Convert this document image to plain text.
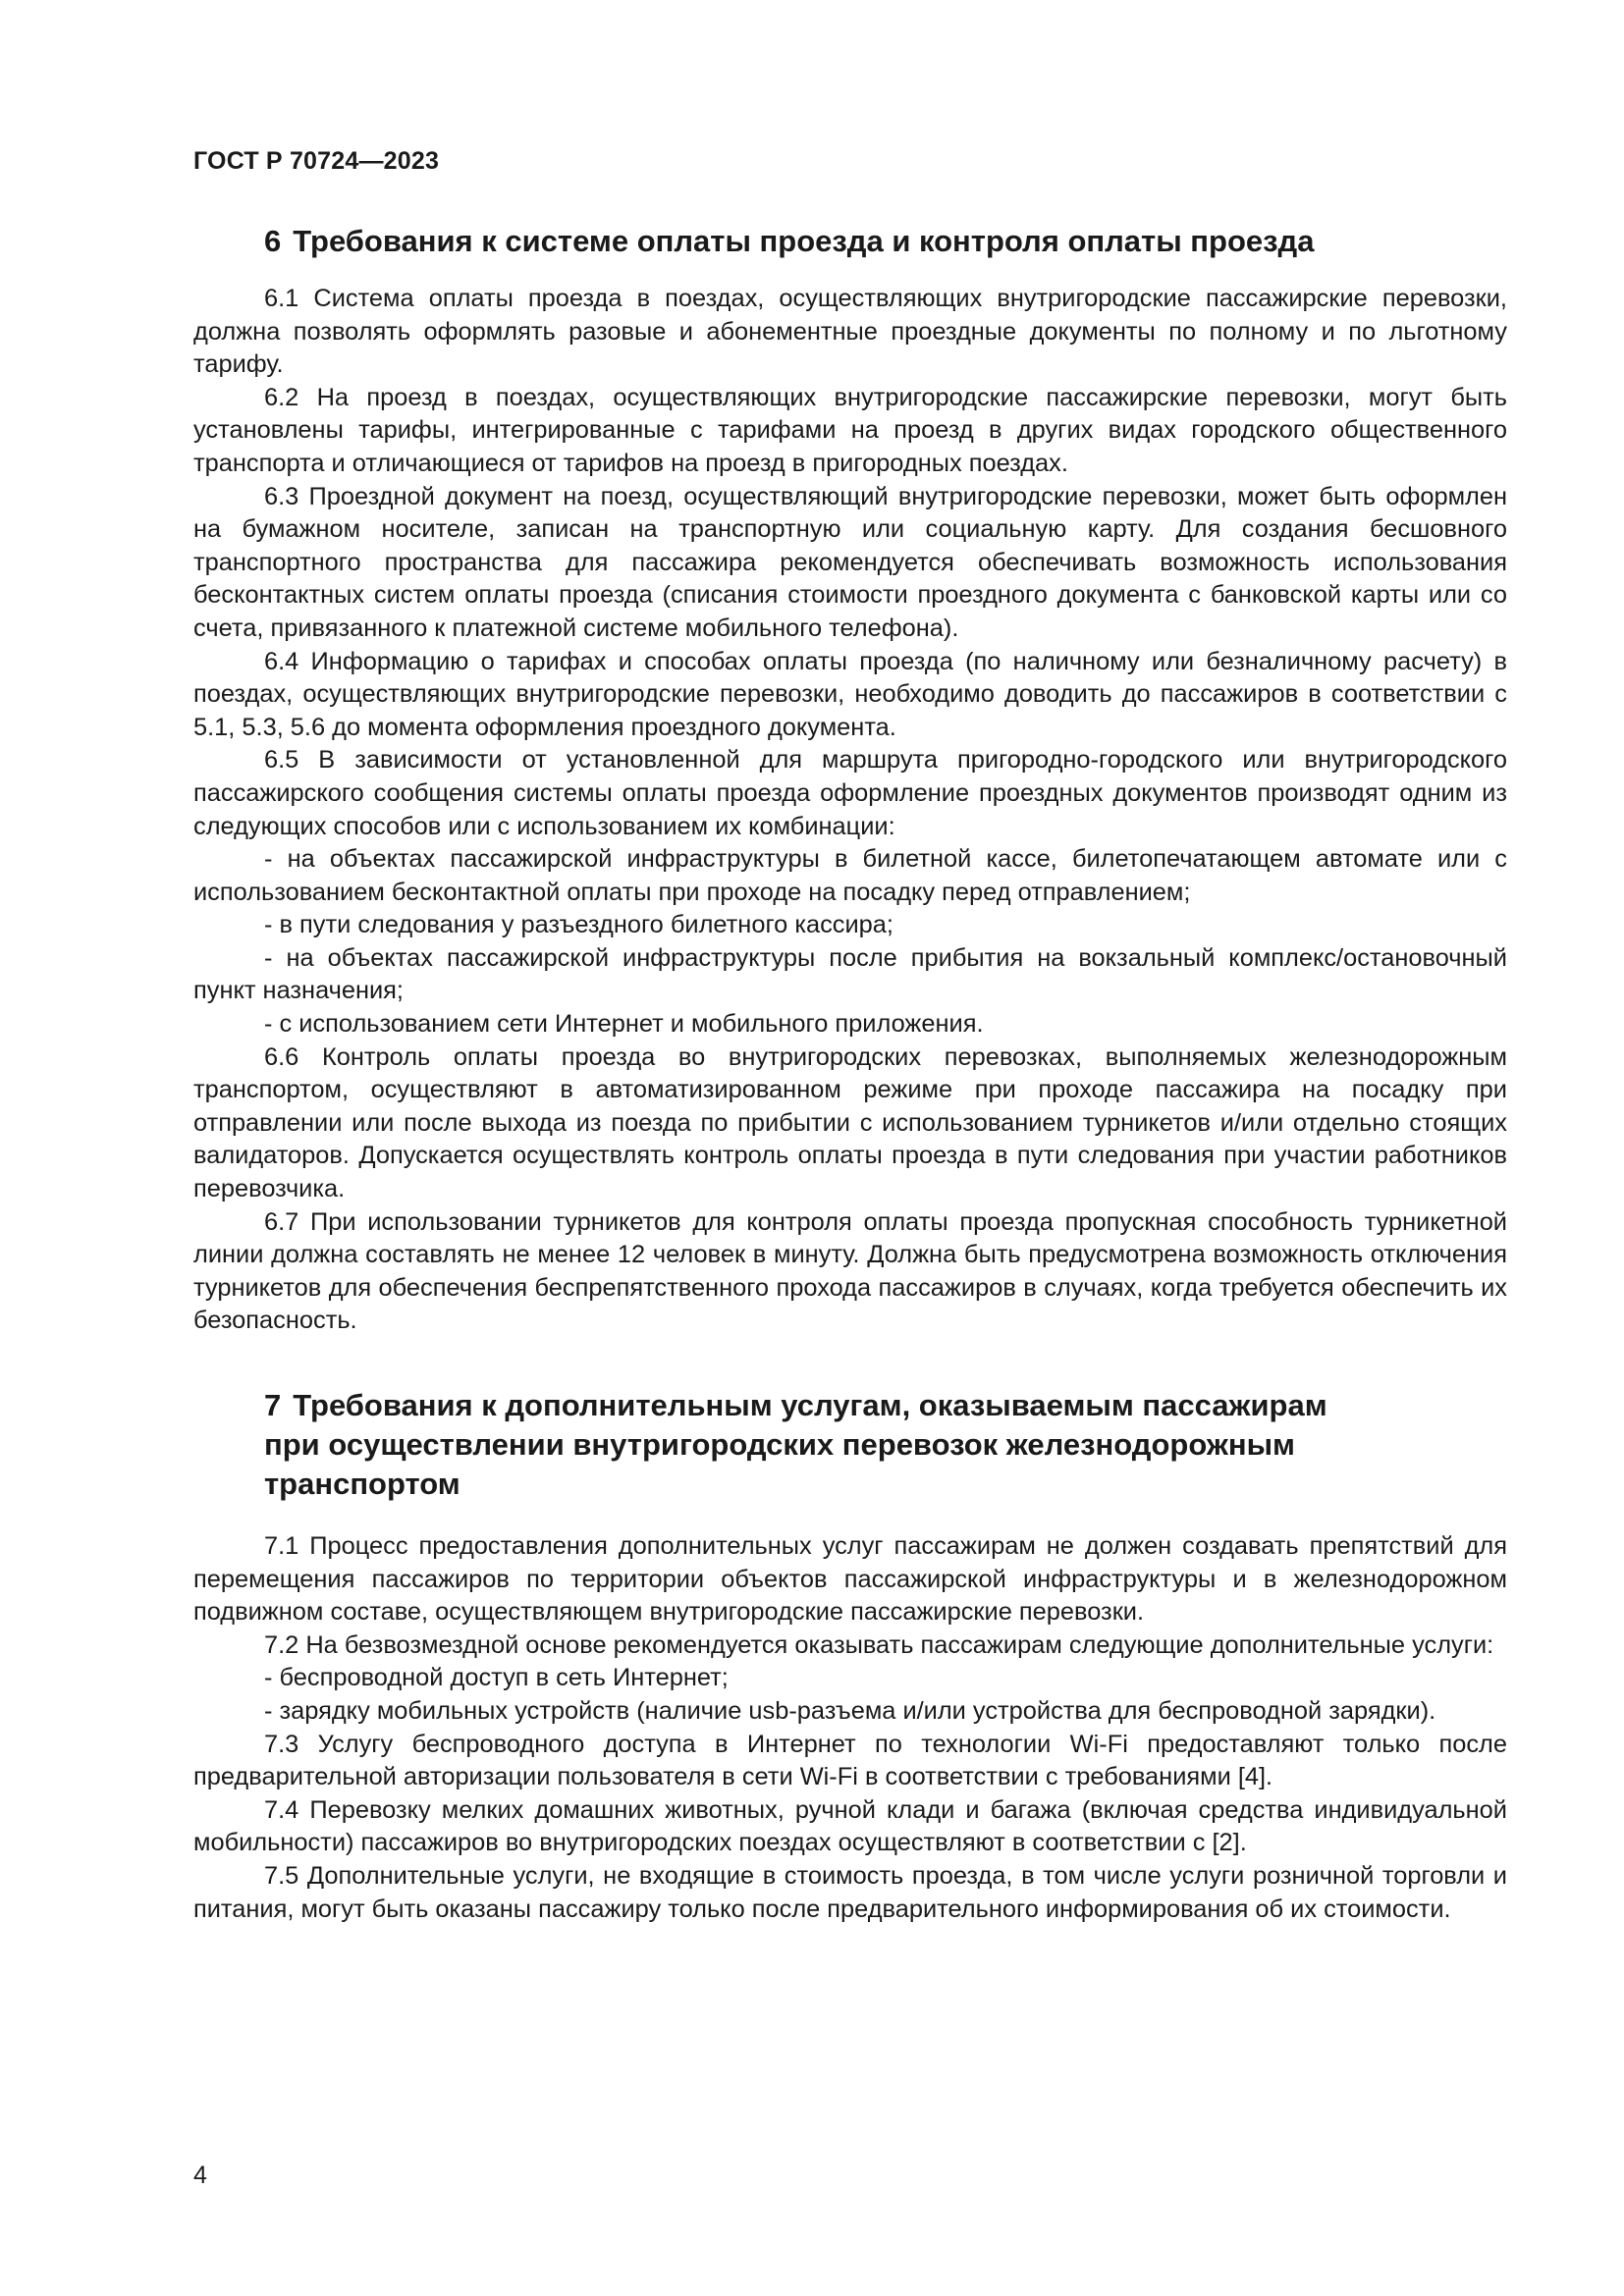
ГОСТ Р 70724—2023
6 Требования к системе оплаты проезда и контроля оплаты проезда

6.1 Система оплаты проезда в поездах, осуществляющих внутригородские пассажирские перевозки, должна позволять оформлять разовые и абонементные проездные документы по полному и по льготному тарифу.

6.2 На проезд в поездах, осуществляющих внутригородские пассажирские перевозки, могут быть установлены тарифы, интегрированные с тарифами на проезд в других видах городского общественного транспорта и отличающиеся от тарифов на проезд в пригородных поездах.

6.3 Проездной документ на поезд, осуществляющий внутригородские перевозки, может быть оформлен на бумажном носителе, записан на транспортную или социальную карту. Для создания бесшовного транспортного пространства для пассажира рекомендуется обеспечивать возможность использования бесконтактных систем оплаты проезда (списания стоимости проездного документа с банковской карты или со счета, привязанного к платежной системе мобильного телефона).

6.4 Информацию о тарифах и способах оплаты проезда (по наличному или безналичному расчету) в поездах, осуществляющих внутригородские перевозки, необходимо доводить до пассажиров в соответствии с 5.1, 5.3, 5.6 до момента оформления проездного документа.

6.5 В зависимости от установленной для маршрута пригородно-городского или внутригородского пассажирского сообщения системы оплаты проезда оформление проездных документов производят одним из следующих способов или с использованием их комбинации:

- на объектах пассажирской инфраструктуры в билетной кассе, билетопечатающем автомате или с использованием бесконтактной оплаты при проходе на посадку перед отправлением;

- в пути следования у разъездного билетного кассира;

- на объектах пассажирской инфраструктуры после прибытия на вокзальный комплекс/остановочный пункт назначения;

- с использованием сети Интернет и мобильного приложения.

6.6 Контроль оплаты проезда во внутригородских перевозках, выполняемых железнодорожным транспортом, осуществляют в автоматизированном режиме при проходе пассажира на посадку при отправлении или после выхода из поезда по прибытии с использованием турникетов и/или отдельно стоящих валидаторов. Допускается осуществлять контроль оплаты проезда в пути следования при участии работников перевозчика.

6.7 При использовании турникетов для контроля оплаты проезда пропускная способность турникетной линии должна составлять не менее 12 человек в минуту. Должна быть предусмотрена возможность отключения турникетов для обеспечения беспрепятственного прохода пассажиров в случаях, когда требуется обеспечить их безопасность.

7 Требования к дополнительным услугам, оказываемым пассажирам
при осуществлении внутригородских перевозок железнодорожным
транспортом

7.1 Процесс предоставления дополнительных услуг пассажирам не должен создавать препятствий для перемещения пассажиров по территории объектов пассажирской инфраструктуры и в железнодорожном подвижном составе, осуществляющем внутригородские пассажирские перевозки.

7.2 На безвозмездной основе рекомендуется оказывать пассажирам следующие дополнительные услуги:

- беспроводной доступ в сеть Интернет;

- зарядку мобильных устройств (наличие usb-разъема и/или устройства для беспроводной зарядки).

7.3 Услугу беспроводного доступа в Интернет по технологии Wi-Fi предоставляют только после предварительной авторизации пользователя в сети Wi-Fi в соответствии с требованиями [4].

7.4 Перевозку мелких домашних животных, ручной клади и багажа (включая средства индивидуальной мобильности) пассажиров во внутригородских поездах осуществляют в соответствии с [2].

7.5 Дополнительные услуги, не входящие в стоимость проезда, в том числе услуги розничной торговли и питания, могут быть оказаны пассажиру только после предварительного информирования об их стоимости.

4
